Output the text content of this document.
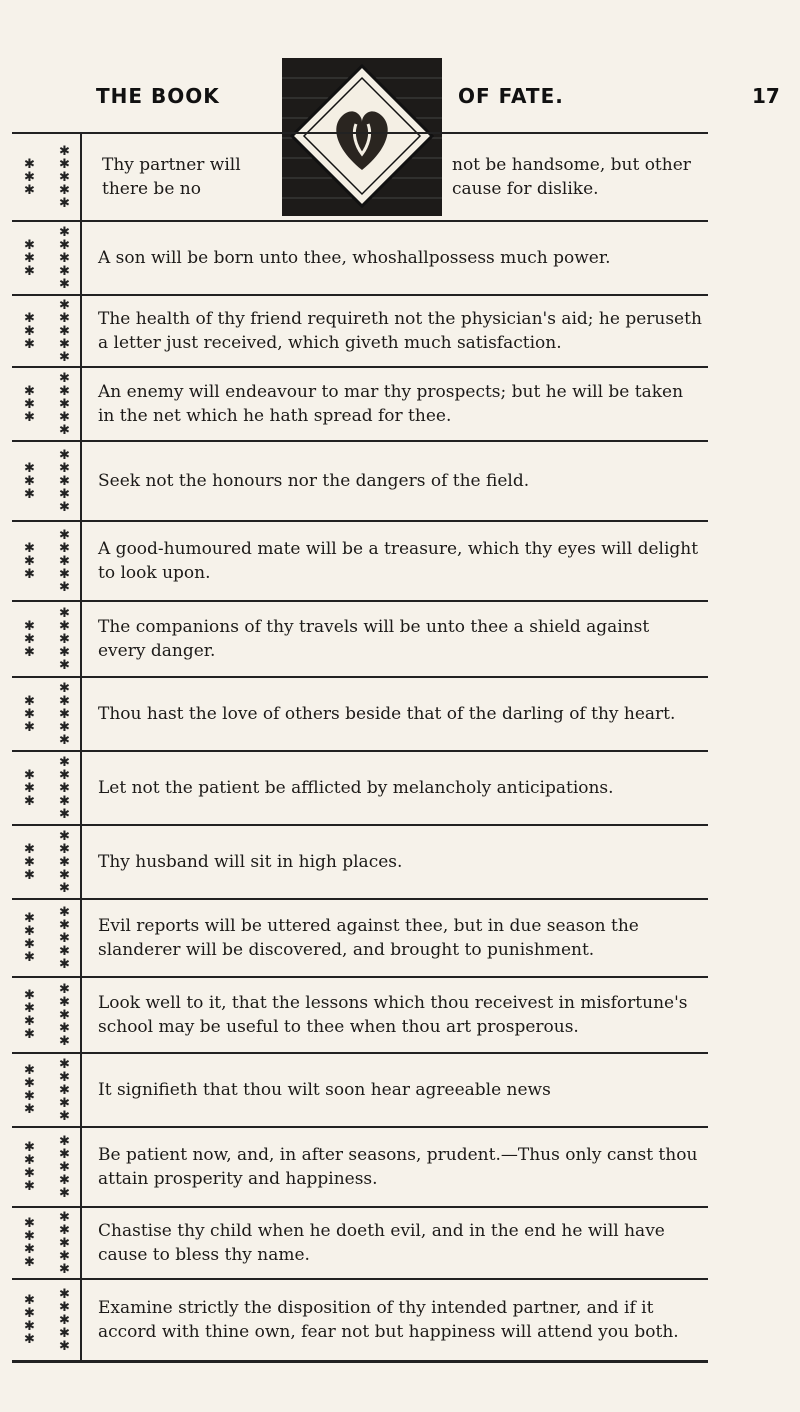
THE BOOK	OF FATE.	17
✱
✱
✱
✱
✱
✱
✱
✱
Thy partner will there be no
not be handsome, but other cause for dislike.
✱
✱
✱
✱
✱
✱
✱
✱
A son will be born unto thee, whoshallpossess much power.
✱
✱
✱
✱
✱
✱
✱
✱
The health of thy friend requireth not the physician's aid; he peruseth a letter just received, which giveth much satisfaction.
✱
✱
✱
✱
✱
✱
✱
✱
An enemy will endeavour to mar thy prospects; but he will be taken in the net which he hath spread for thee.
✱
✱
✱
✱
✱
✱
✱
✱
Seek not the honours nor the dangers of the field.
✱
✱
✱
✱
✱
✱
✱
✱
A good-humoured mate will be a treasure, which thy eyes will delight to look upon.
✱
✱
✱
✱
✱
✱
✱
✱
The companions of thy travels will be unto thee a shield against every danger.
✱
✱
✱
✱
✱
✱
✱
✱
Thou hast the love of others beside that of the darling of thy heart.
✱
✱
✱
✱
✱
✱
✱
✱
Let not the patient be afflicted by melancholy anticipations.
✱
✱
✱
✱
✱
✱
✱
✱
Thy husband will sit in high places.
✱
✱
✱
✱
✱
✱
✱
✱
✱
Evil reports will be uttered against thee, but in due season the slanderer will be discovered, and brought to punishment.
✱
✱
✱
✱
✱
✱
✱
✱
✱
Look well to it, that the lessons which thou receivest in misfortune's school may be useful to thee when thou art prosperous.
✱
✱
✱
✱
✱
✱
✱
✱
✱
It signifieth that thou wilt soon hear agreeable news
✱
✱
✱
✱
✱
✱
✱
✱
✱
Be patient now, and, in after seasons, prudent.—Thus only canst thou attain prosperity and happiness.
✱
✱
✱
✱
✱
✱
✱
✱
✱
Chastise thy child when he doeth evil, and in the end he will have cause to bless thy name.
✱
✱
✱
✱
✱
✱
✱
✱
✱
Examine strictly the disposition of thy intended partner, and if it accord with thine own, fear not but happiness will attend you both.
